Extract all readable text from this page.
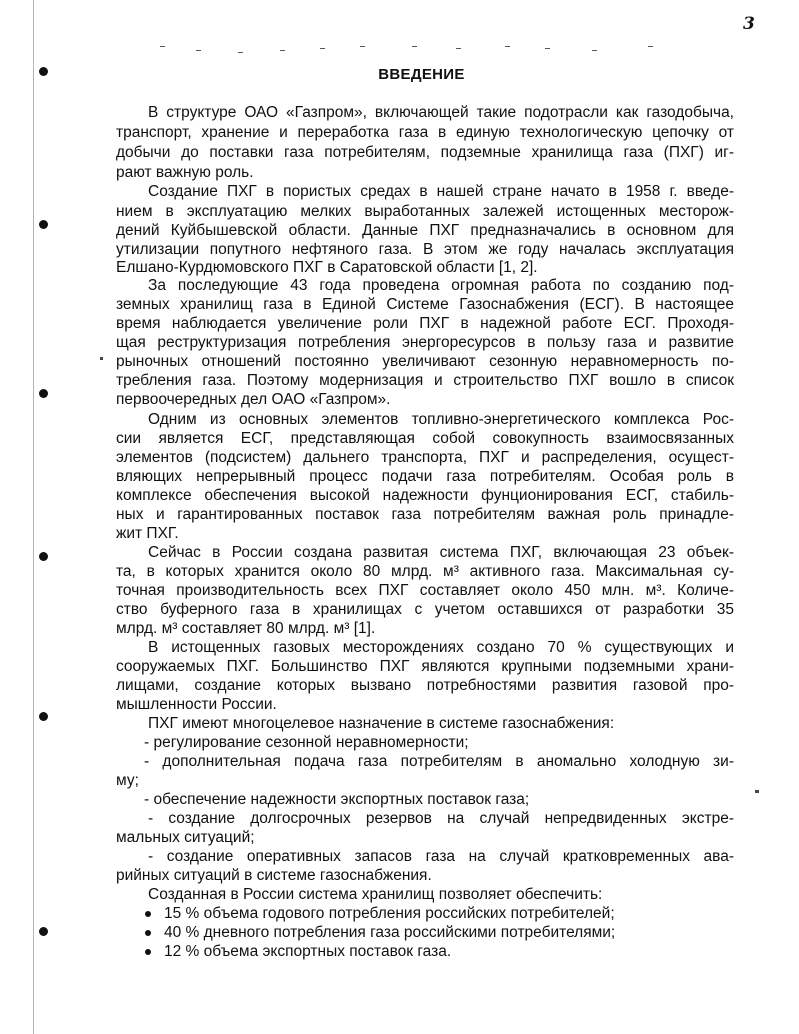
3
ВВЕДЕНИЕ
В структуре ОАО «Газпром», включающей такие подотрасли как газодобыча,
транспорт, хранение и переработка газа в единую технологическую цепочку от
добычи до поставки газа потребителям, подземные хранилища газа (ПХГ) иг-
рают важную роль.
Создание ПХГ в пористых средах в нашей стране начато в 1958 г. введе-
нием в эксплуатацию мелких выработанных залежей истощенных месторож-
дений Куйбышевской области. Данные ПХГ предназначались в основном для
утилизации попутного нефтяного газа. В этом же году началась эксплуатация
Елшано-Курдюмовского ПХГ в Саратовской области [1, 2].
За последующие 43 года проведена огромная работа по созданию под-
земных хранилищ газа в Единой Системе Газоснабжения (ЕСГ). В настоящее
время наблюдается увеличение роли ПХГ в надежной работе ЕСГ. Проходя-
щая реструктуризация потребления энергоресурсов в пользу газа и развитие
рыночных отношений постоянно увеличивают сезонную неравномерность по-
требления газа. Поэтому модернизация и строительство ПХГ вошло в список
первоочередных дел ОАО «Газпром».
Одним из основных элементов топливно-энергетического комплекса Рос-
сии является ЕСГ, представляющая собой совокупность взаимосвязанных
элементов (подсистем) дальнего транспорта, ПХГ и распределения, осущест-
вляющих непрерывный процесс подачи газа потребителям. Особая роль в
комплексе обеспечения высокой надежности фунционирования ЕСГ, стабиль-
ных и гарантированных поставок газа потребителям важная роль принадле-
жит ПХГ.
Сейчас в России создана развитая система ПХГ, включающая 23 объек-
та, в которых хранится около 80 млрд. м³ активного газа. Максимальная су-
точная производительность всех ПХГ составляет около 450 млн. м³. Количе-
ство буферного газа в хранилищах с учетом оставшихся от разработки 35
млрд. м³ составляет 80 млрд. м³ [1].
В истощенных газовых месторождениях создано 70 % существующих и
сооружаемых ПХГ. Большинство ПХГ являются крупными подземными храни-
лищами, создание которых вызвано потребностями развития газовой про-
мышленности России.
ПХГ имеют многоцелевое назначение в системе газоснабжения:
- регулирование сезонной неравномерности;
- дополнительная подача газа потребителям в аномально холодную зи-
му;
- обеспечение надежности экспортных поставок газа;
- создание долгосрочных резервов на случай непредвиденных экстре-
мальных ситуаций;
- создание оперативных запасов газа на случай кратковременных ава-
рийных ситуаций в системе газоснабжения.
Созданная в России система хранилищ позволяет обеспечить:
15 % объема годового потребления российских потребителей;
40 % дневного потребления газа российскими потребителями;
12 % объема экспортных поставок газа.
